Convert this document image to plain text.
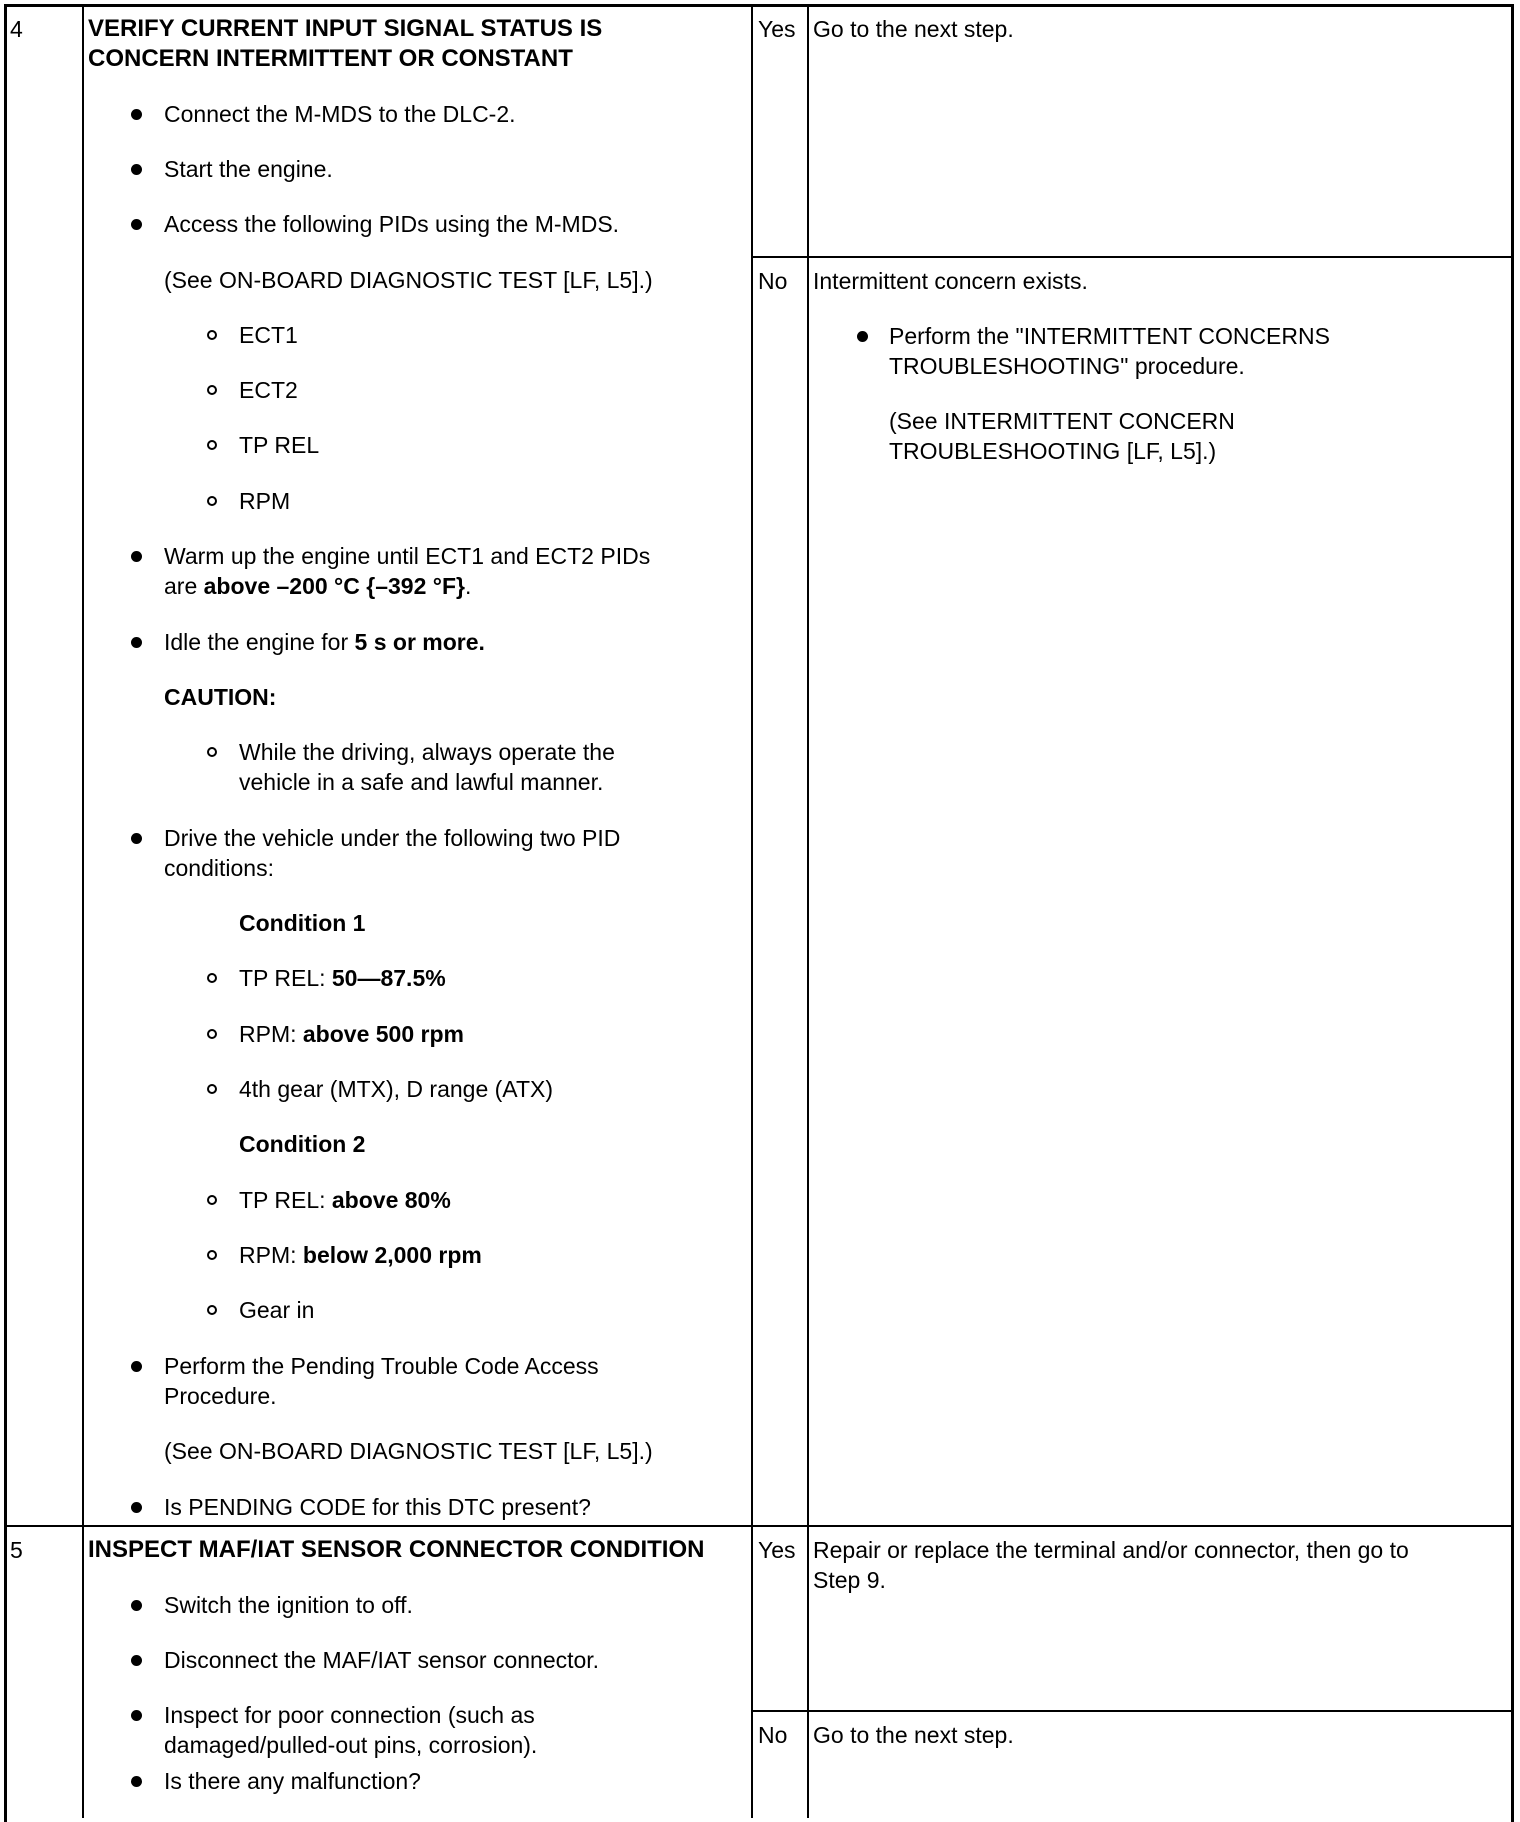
4	VERIFY CURRENT INPUT SIGNAL STATUS IS
CONCERN INTERMITTENT OR CONSTANT
Connect the M-MDS to the DLC-2.
Start the engine.
Access the following PIDs using the M-MDS.
(See ON-BOARD DIAGNOSTIC TEST [LF, L5].)
ECT1
ECT2
TP REL
RPM
Warm up the engine until ECT1 and ECT2 PIDs
are above –200 °C {–392 °F}.
Idle the engine for 5 s or more.
CAUTION:
While the driving, always operate the
vehicle in a safe and lawful manner.
Drive the vehicle under the following two PID
conditions:
Condition 1
TP REL: 50—87.5%
RPM: above 500 rpm
4th gear (MTX), D range (ATX)
Condition 2
TP REL: above 80%
RPM: below 2,000 rpm
Gear in
Perform the Pending Trouble Code Access
Procedure.
(See ON-BOARD DIAGNOSTIC TEST [LF, L5].)
Is PENDING CODE for this DTC present?
Yes Go to the next step.
No Intermittent concern exists.
Perform the "INTERMITTENT CONCERNS
TROUBLESHOOTING" procedure.
(See INTERMITTENT CONCERN
TROUBLESHOOTING [LF, L5].)
5	INSPECT MAF/IAT SENSOR CONNECTOR CONDITION
Switch the ignition to off.
Disconnect the MAF/IAT sensor connector.
Inspect for poor connection (such as
damaged/pulled-out pins, corrosion).
Is there any malfunction?
Yes Repair or replace the terminal and/or connector, then go to
Step 9.
No Go to the next step.
